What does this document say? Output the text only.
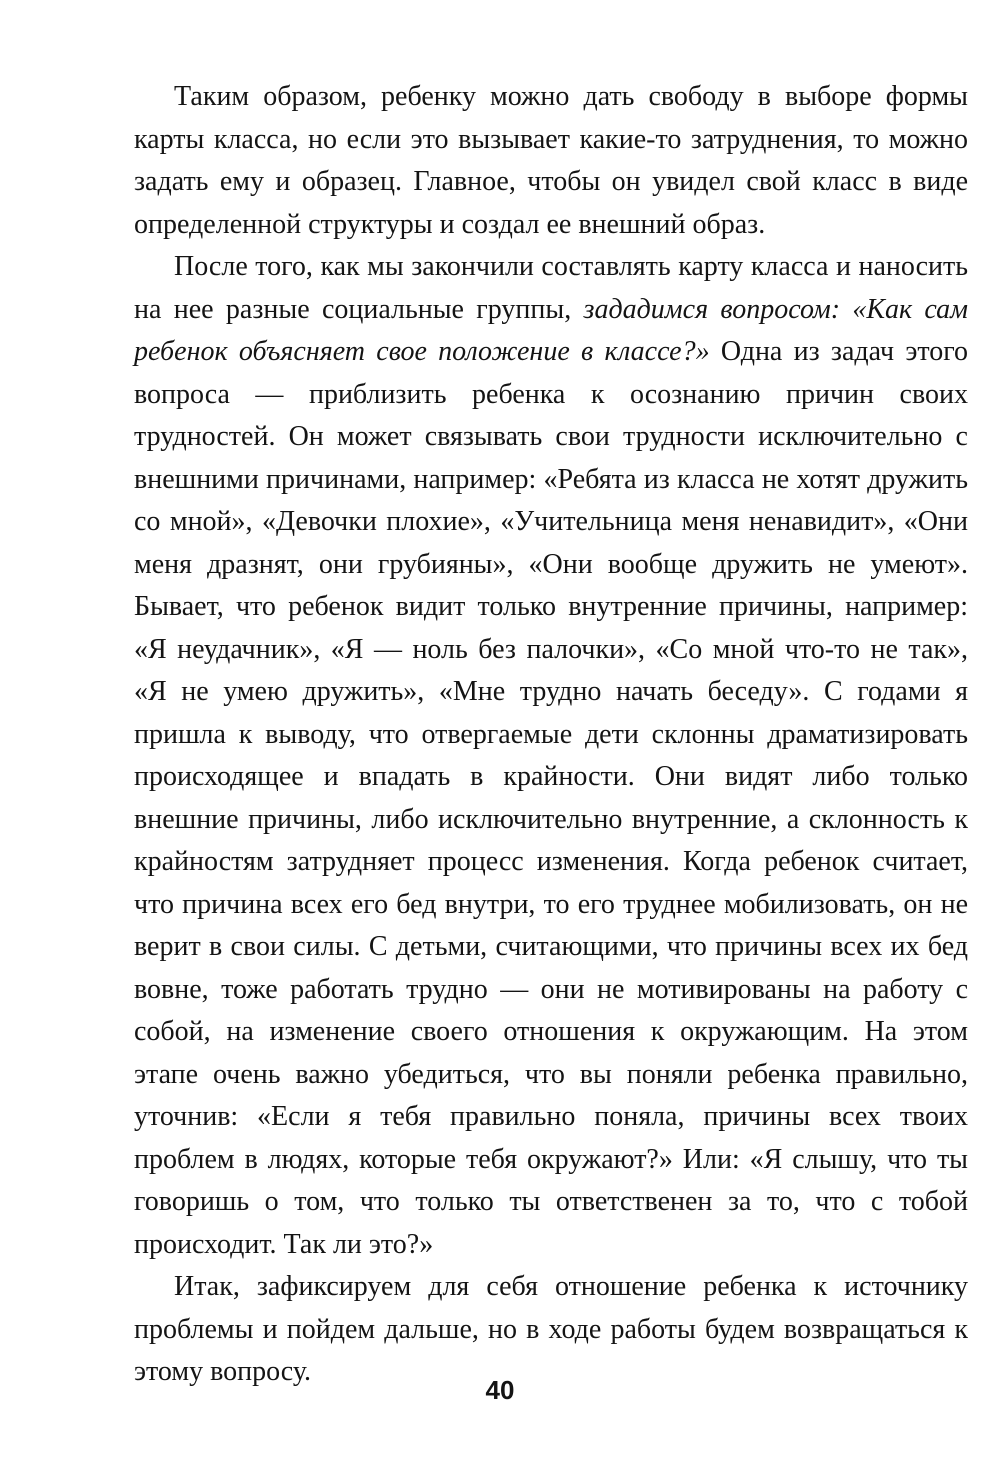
Таким образом, ребенку можно дать свободу в выборе формы карты класса, но если это вызывает какие-то затруднения, то можно задать ему и образец. Главное, чтобы он увидел свой класс в виде определенной структуры и создал ее внешний образ.

После того, как мы закончили составлять карту класса и наносить на нее разные социальные группы, зададимся вопросом: «Как сам ребенок объясняет свое положение в классе?» Одна из задач этого вопроса — приблизить ребенка к осознанию причин своих трудностей. Он может связывать свои трудности исключительно с внешними причинами, например: «Ребята из класса не хотят дружить со мной», «Девочки плохие», «Учительница меня ненавидит», «Они меня дразнят, они грубияны», «Они вообще дружить не умеют». Бывает, что ребенок видит только внутренние причины, например: «Я неудачник», «Я — ноль без палочки», «Со мной что-то не так», «Я не умею дружить», «Мне трудно начать беседу». С годами я пришла к выводу, что отвергаемые дети склонны драматизировать происходящее и впадать в крайности. Они видят либо только внешние причины, либо исключительно внутренние, а склонность к крайностям затрудняет процесс изменения. Когда ребенок считает, что причина всех его бед внутри, то его труднее мобилизовать, он не верит в свои силы. С детьми, считающими, что причины всех их бед вовне, тоже работать трудно — они не мотивированы на работу с собой, на изменение своего отношения к окружающим. На этом этапе очень важно убедиться, что вы поняли ребенка правильно, уточнив: «Если я тебя правильно поняла, причины всех твоих проблем в людях, которые тебя окружают?» Или: «Я слышу, что ты говоришь о том, что только ты ответственен за то, что с тобой происходит. Так ли это?»

Итак, зафиксируем для себя отношение ребенка к источнику проблемы и пойдем дальше, но в ходе работы будем возвращаться к этому вопросу.

40
